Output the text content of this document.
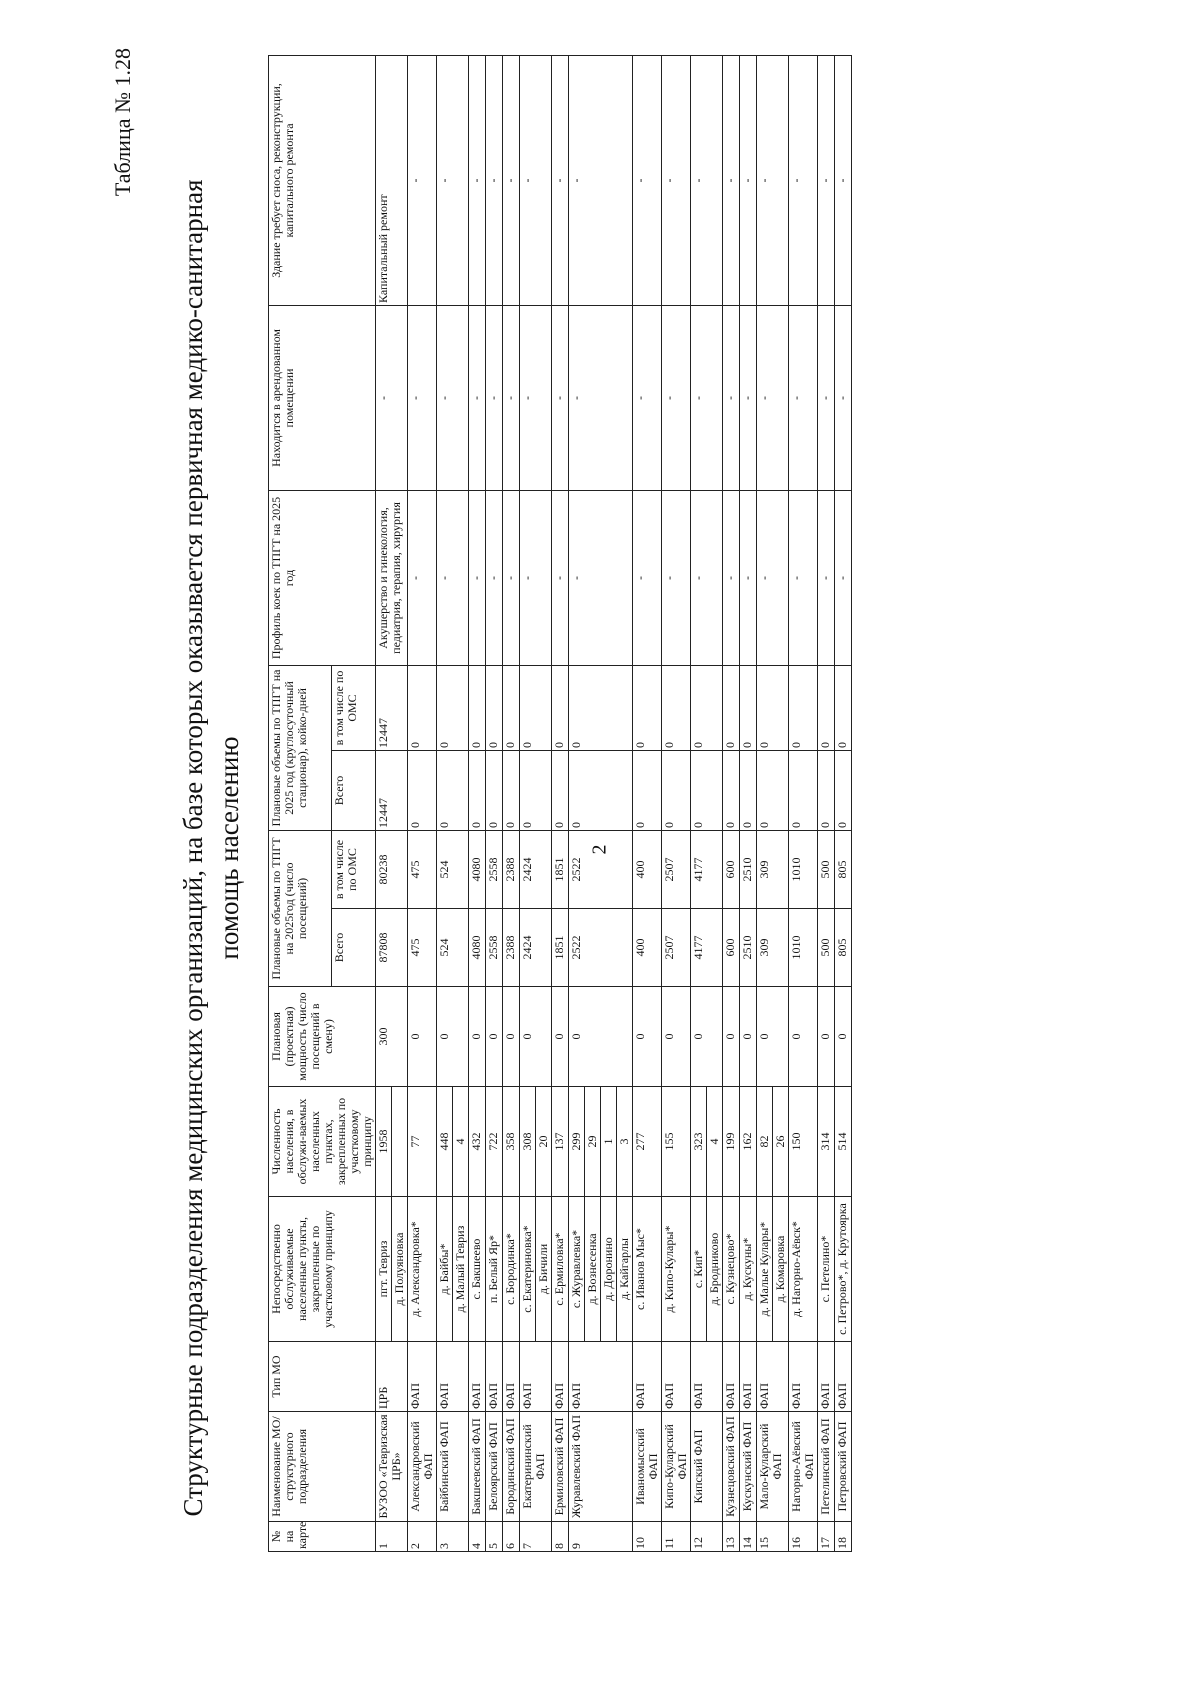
2
Таблица № 1.28
Структурные подразделения медицинских организаций, на базе которых оказывается первичная медико-санитарная помощь населению
№ на карте	Наименование МО/структурного подразделения	Тип МО	Непосредственно обслуживаемые населенные пункты, закрепленные по участковому принципу	Численность населения, в обслужи-ваемых населенных пунктах, закрепленных по участковому принципу	Плановая (проектная) мощность (число посещений в смену)	Плановые объемы по ТПГТ на 2025год (число посещений)		Плановые объемы по ТПГТ на 2025 год (круглосуточный стационар), койко-дней		Профиль коек по ТПГТ на 2025 год	Находится в арендованном помещении	Здание требует сноса, реконструкции, капитального ремонта
						Всего	в том числе по ОМС	Всего	в том числе по ОМС			
1	БУЗОО «Тевризская ЦРБ»	ЦРБ	пгт. Тевриз	1958	300	87808	80238	12447	12447	Акушерство и гинекология, педиатрия, терапия, хирургия	-	Капитальный ремонт
			д. Полуяновка									
2	Александровский ФАП	ФАП	д. Александровка*	77	0	475	475	0	0	-	-	-
3	Байбинский ФАП	ФАП	д. Байбы*	448	0	524	524	0	0	-	-	-
			д. Малый Тевриз	4								
4	Бакшеевский ФАП	ФАП	с. Бакшеево	432	0	4080	4080	0	0	-	-	-
5	Белоярский ФАП	ФАП	п. Белый Яр*	722	0	2558	2558	0	0	-	-	-
6	Бородинский ФАП	ФАП	с. Бородинка*	358	0	2388	2388	0	0	-	-	-
7	Екатерининский ФАП	ФАП	с. Екатериновка*	308	0	2424	2424	0	0	-	-	-
			д. Бичили	20								
8	Ермиловский ФАП	ФАП	с. Ермиловка*	137	0	1851	1851	0	0	-	-	-
9	Журавлевский ФАП	ФАП	с. Журавлевка*	299	0	2522	2522	0	0	-	-	-
			д. Вознесенка	29								
			д. Доронино	1								
			д. Кайгарлы	3								
10	Иваномысский ФАП	ФАП	с. Иванов Мыс*	277	0	400	400	0	0	-	-	-
11	Кипо-Куларский ФАП	ФАП	д. Кипо-Кулары*	155	0	2507	2507	0	0	-	-	-
12	Кипский ФАП	ФАП	с. Кип*	323	0	4177	4177	0	0	-	-	-
			д. Бродниково	4								
13	Кузнецовский ФАП	ФАП	с. Кузнецово*	199	0	600	600	0	0	-	-	-
14	Кускунский ФАП	ФАП	д. Кускуны*	162	0	2510	2510	0	0	-	-	-
15	Мало-Куларский ФАП	ФАП	д. Малые Кулары*	82	0	309	309	0	0	-	-	-
			д. Комаровка	26								
16	Нагорно-Аёвский ФАП	ФАП	д. Нагорно-Аёвск*	150	0	1010	1010	0	0	-	-	-
17	Петелинский ФАП	ФАП	с. Петелино*	314	0	500	500	0	0	-	-	-
18	Петровский ФАП	ФАП	с. Петрово*, д. Крутоярка	514	0	805	805	0	0	-	-	-
